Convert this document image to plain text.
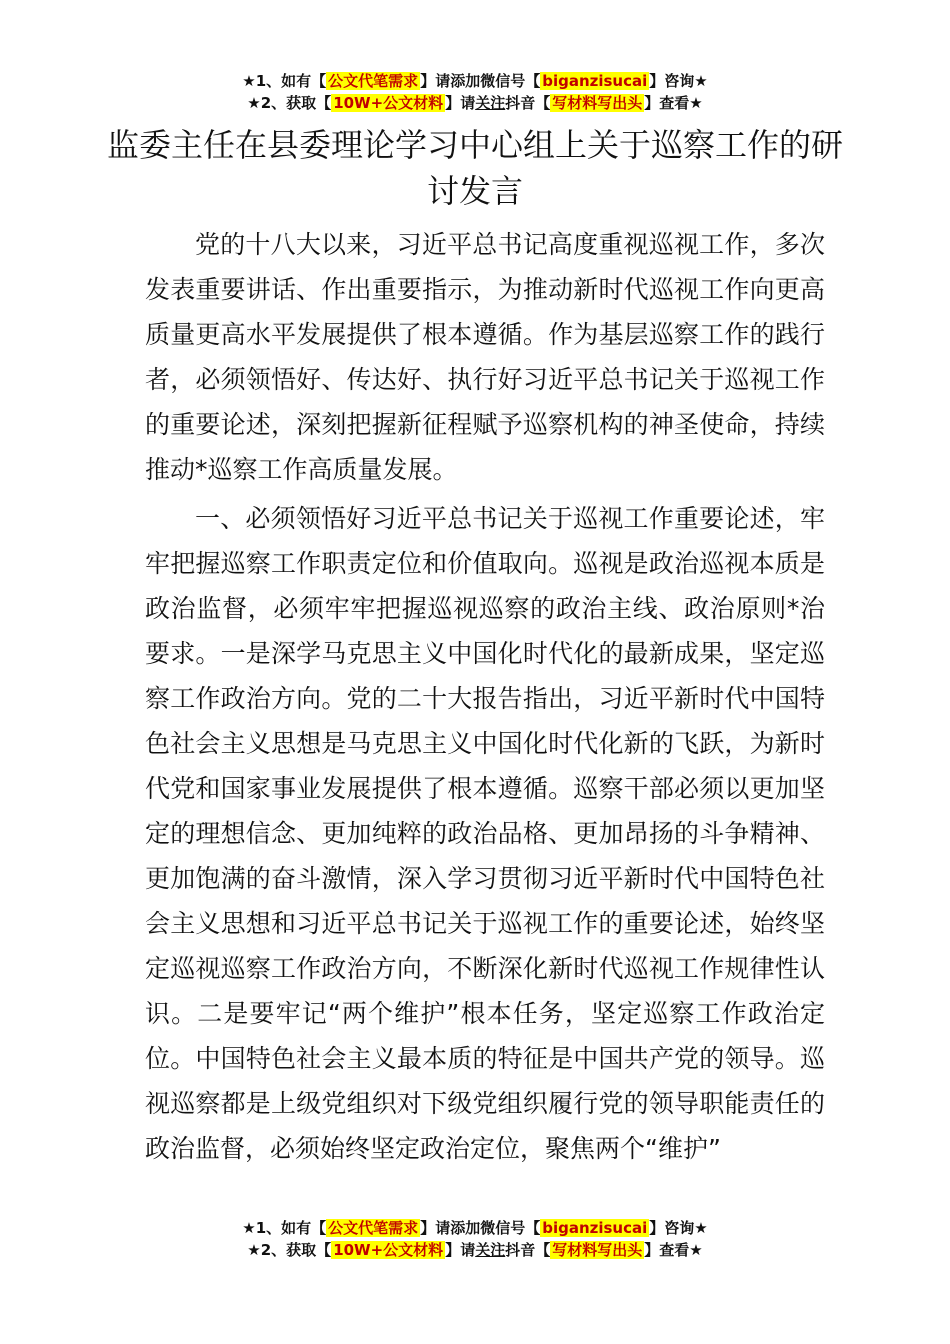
★1、如有【 公文代笔需求 】请添加微信号【 biganzisucai 】咨询★
★2、获取【 10W+公文材料 】请关注抖音【 写材料写出头 】查看★
监委主任在县委理论学习中心组上关于巡察工作的研讨发言

党的十八大以来，习近平总书记高度重视巡视工作，多次发表重要讲话、作出重要指示，为推动新时代巡视工作向更高质量更高水平发展提供了根本遵循。作为基层巡察工作的践行者，必须领悟好、传达好、执行好习近平总书记关于巡视工作的重要论述，深刻把握新征程赋予巡察机构的神圣使命，持续推动*巡察工作高质量发展。

一、必须领悟好习近平总书记关于巡视工作重要论述，牢牢把握巡察工作职责定位和价值取向。巡视是政治巡视本质是政治监督，必须牢牢把握巡视巡察的政治主线、政治原则*治要求。一是深学马克思主义中国化时代化的最新成果，坚定巡察工作政治方向。党的二十大报告指出，习近平新时代中国特色社会主义思想是马克思主义中国化时代化新的飞跃，为新时代党和国家事业发展提供了根本遵循。巡察干部必须以更加坚定的理想信念、更加纯粹的政治品格、更加昂扬的斗争精神、更加饱满的奋斗激情，深入学习贯彻习近平新时代中国特色社会主义思想和习近平总书记关于巡视工作的重要论述，始终坚定巡视巡察工作政治方向，不断深化新时代巡视工作规律性认识。二是要牢记“两个维护”根本任务，坚定巡察工作政治定位。中国特色社会主义最本质的特征是中国共产党的领导。巡视巡察都是上级党组织对下级党组织履行党的领导职能责任的政治监督，必须始终坚定政治定位，聚焦两个“维护”

★1、如有【 公文代笔需求 】请添加微信号【 biganzisucai 】咨询★
★2、获取【 10W+公文材料 】请关注抖音【 写材料写出头 】查看★
